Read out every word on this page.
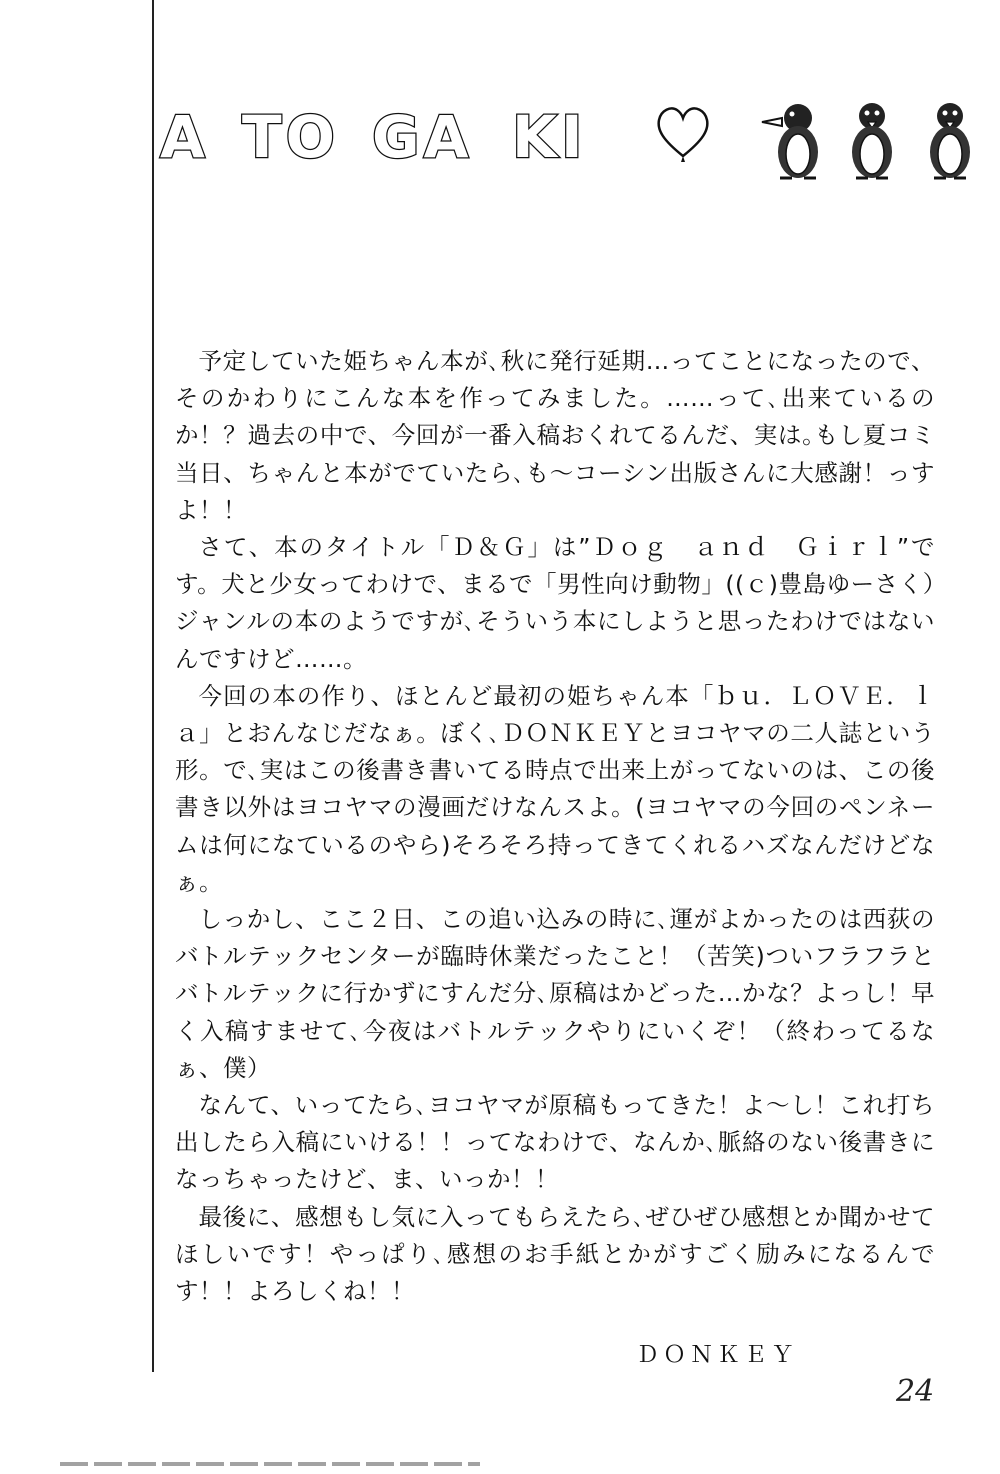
A TO GA KI

予定していた姫ちゃん本が､秋に発行延期…ってことになったので、そのかわりにこんな本を作ってみました。……って､出来ているのか！？過去の中で、今回が一番入稿おくれてるんだ、実は｡もし夏コミ当日、ちゃんと本がでていたら､も～コーシン出版さんに大感謝！っすよ！！

さて、本のタイトル「Ｄ＆Ｇ」は”Ｄｏｇ　ａｎｄ　Ｇｉｒｌ”です。犬と少女ってわけで、まるで「男性向け動物」((ｃ)豊島ゆーさく）ジャンルの本のようですが､そういう本にしようと思ったわけではないんですけど……。

今回の本の作り、ほとんど最初の姫ちゃん本「ｂｕ．ＬＯＶＥ．ｌａ」とおんなじだなぁ。ぼく､ＤＯＮＫＥＹとヨコヤマの二人誌という形。で､実はこの後書き書いてる時点で出来上がってないのは、この後書き以外はヨコヤマの漫画だけなんスよ。(ヨコヤマの今回のペンネームは何になているのやら)そろそろ持ってきてくれるハズなんだけどなぁ。

しっかし、ここ２日、この追い込みの時に､運がよかったのは西荻のバトルテックセンターが臨時休業だったこと！（苦笑)ついフラフラとバトルテックに行かずにすんだ分､原稿はかどった…かな？よっし！早く入稿すませて､今夜はバトルテックやりにいくぞ！（終わってるなぁ、僕）

なんて、いってたら､ヨコヤマが原稿もってきた！よ～し！これ打ち出したら入稿にいける！！ってなわけで、なんか､脈絡のない後書きになっちゃったけど、ま、いっか！！

最後に、感想もし気に入ってもらえたら､ぜひぜひ感想とか聞かせてほしいです！やっぱり､感想のお手紙とかがすごく励みになるんです！！よろしくね！！

ＤＯＮＫＥＹ
24
